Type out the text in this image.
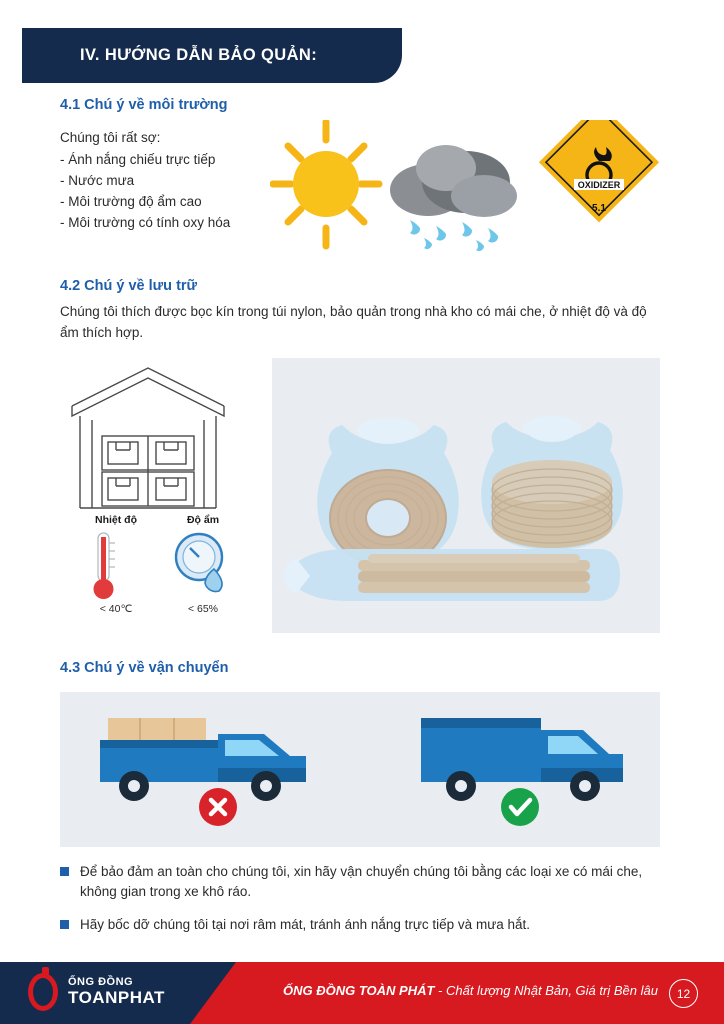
IV. HƯỚNG DẪN BẢO QUẢN:
4.1 Chú ý về môi trường
Chúng tôi rất sợ:
- Ánh nắng chiếu trực tiếp
- Nước mưa
- Môi trường độ ẩm cao
- Môi trường có tính oxy hóa
OXIDIZER
5.1
4.2 Chú ý về lưu trữ
Chúng tôi thích được bọc kín trong túi nylon, bảo quản trong nhà kho có mái che, ở nhiệt độ và độ ẩm thích hợp.
Nhiệt độ	Độ ẩm
< 40℃	< 65%
4.3 Chú ý về vận chuyển
Để bảo đảm an toàn cho chúng tôi, xin hãy vận chuyển chúng tôi bằng các loại xe có mái che, không gian trong xe khô ráo.
Hãy bốc dỡ chúng tôi tại nơi râm mát, tránh ánh nắng trực tiếp và mưa hắt.
ỐNG ĐỒNG
TOANPHAT	ỐNG ĐỒNG TOÀN PHÁT - Chất lượng Nhật Bản, Giá trị Bền lâu	12
